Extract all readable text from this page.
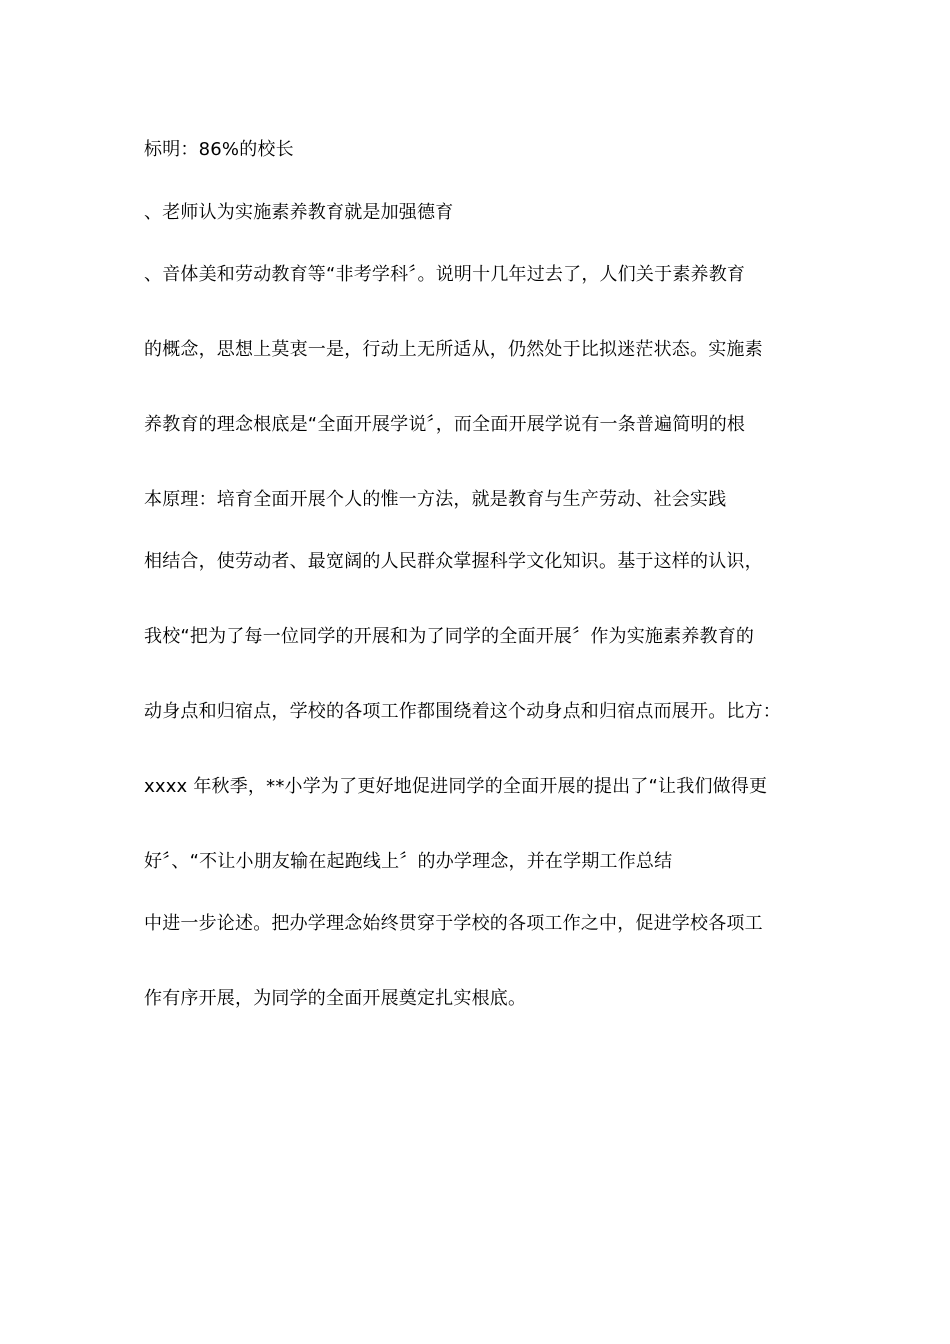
标明：86%的校长
、老师认为实施素养教育就是加强德育
、音体美和劳动教育等“非考学科〞。说明十几年过去了，人们关于素养教育
的概念，思想上莫衷一是，行动上无所适从，仍然处于比拟迷茫状态。实施素
养教育的理念根底是“全面开展学说〞，而全面开展学说有一条普遍简明的根
本原理：培育全面开展个人的惟一方法，就是教育与生产劳动、社会实践
相结合，使劳动者、最宽阔的人民群众掌握科学文化知识。基于这样的认识，
我校“把为了每一位同学的开展和为了同学的全面开展〞作为实施素养教育的
动身点和归宿点，学校的各项工作都围绕着这个动身点和归宿点而展开。比方：
xxxx 年秋季，**小学为了更好地促进同学的全面开展的提出了“让我们做得更
好〞、“不让小朋友输在起跑线上〞的办学理念，并在学期工作总结
中进一步论述。把办学理念始终贯穿于学校的各项工作之中，促进学校各项工
作有序开展，为同学的全面开展奠定扎实根底。
